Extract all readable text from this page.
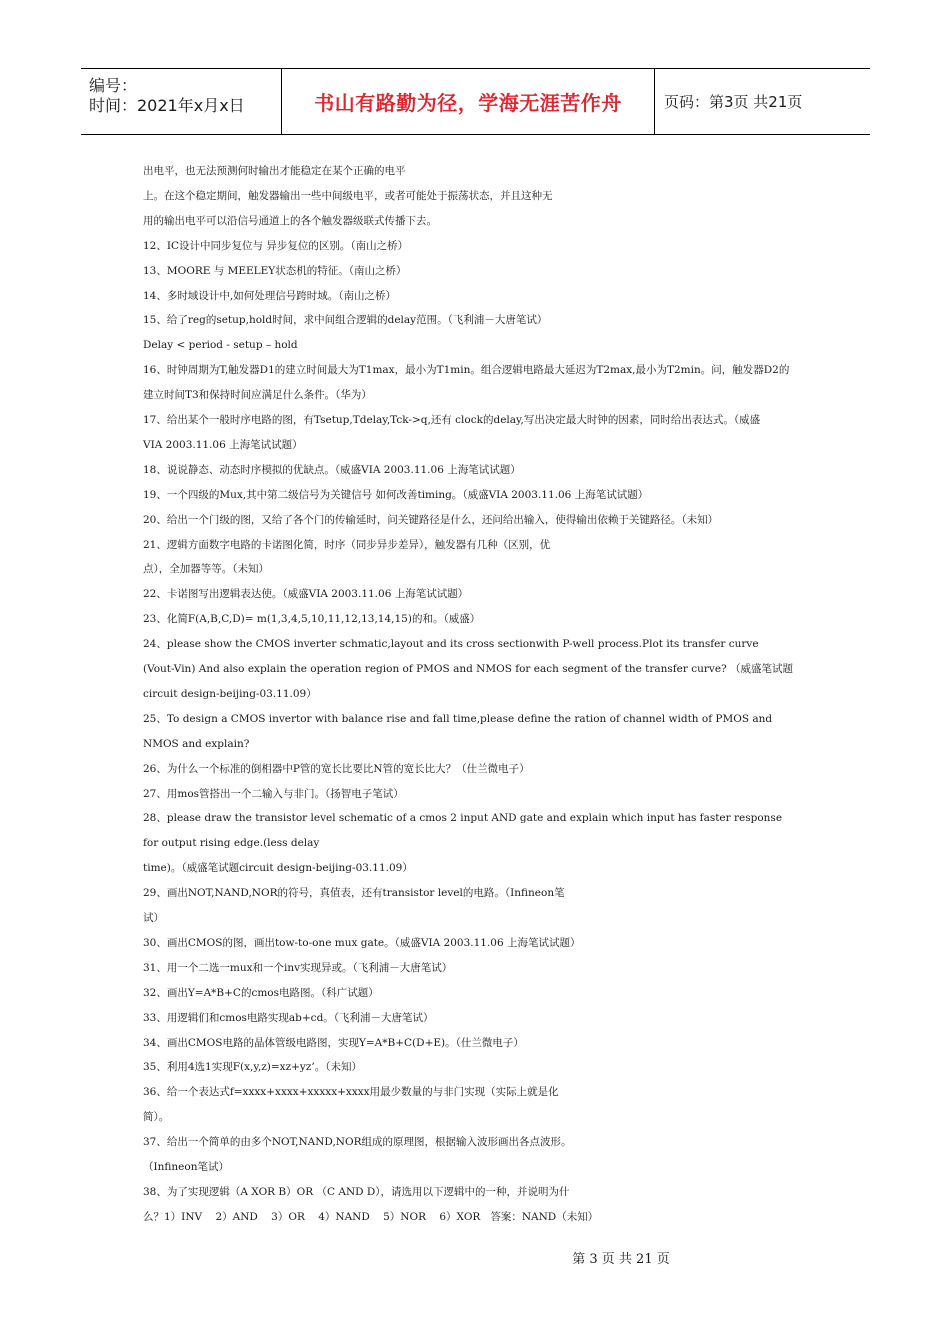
编号：
时间：2021年x月x日	书山有路勤为径，学海无涯苦作舟	页码：第3页 共21页
出电平，也无法预测何时输出才能稳定在某个正确的电平
上。在这个稳定期间，触发器输出一些中间级电平，或者可能处于振荡状态，并且这种无
用的输出电平可以沿信号通道上的各个触发器级联式传播下去。
12、IC设计中同步复位与 异步复位的区别。（南山之桥）
13、MOORE 与 MEELEY状态机的特征。（南山之桥）
14、多时域设计中,如何处理信号跨时域。（南山之桥）
15、给了reg的setup,hold时间，求中间组合逻辑的delay范围。（飞利浦－大唐笔试）
Delay < period - setup – hold
16、时钟周期为T,触发器D1的建立时间最大为T1max，最小为T1min。组合逻辑电路最大延迟为T2max,最小为T2min。问，触发器D2的
建立时间T3和保持时间应满足什么条件。（华为）
17、给出某个一般时序电路的图，有Tsetup,Tdelay,Tck->q,还有 clock的delay,写出决定最大时钟的因素，同时给出表达式。（威盛
VIA 2003.11.06 上海笔试试题）
18、说说静态、动态时序模拟的优缺点。（威盛VIA 2003.11.06 上海笔试试题）
19、一个四级的Mux,其中第二级信号为关键信号 如何改善timing。（威盛VIA 2003.11.06 上海笔试试题）
20、给出一个门级的图，又给了各个门的传输延时，问关键路径是什么，还问给出输入，使得输出依赖于关键路径。（未知）
21、逻辑方面数字电路的卡诺图化简，时序（同步异步差异），触发器有几种（区别，优
点），全加器等等。（未知）
22、卡诺图写出逻辑表达使。（威盛VIA 2003.11.06 上海笔试试题）
23、化简F(A,B,C,D)= m(1,3,4,5,10,11,12,13,14,15)的和。（威盛）
24、please show the CMOS inverter schmatic,layout and its cross sectionwith P-well process.Plot its transfer curve
(Vout-Vin) And also explain the operation region of PMOS and NMOS for each segment of the transfer curve? （威盛笔试题
circuit design-beijing-03.11.09）
25、To design a CMOS invertor with balance rise and fall time,please define the ration of channel width of PMOS and
NMOS and explain?
26、为什么一个标准的倒相器中P管的宽长比要比N管的宽长比大？（仕兰微电子）
27、用mos管搭出一个二输入与非门。（扬智电子笔试）
28、please draw the transistor level schematic of a cmos 2 input AND gate and explain which input has faster response
for output rising edge.(less delay
time)。（威盛笔试题circuit design-beijing-03.11.09）
29、画出NOT,NAND,NOR的符号，真值表，还有transistor level的电路。（Infineon笔
试）
30、画出CMOS的图，画出tow-to-one mux gate。（威盛VIA 2003.11.06 上海笔试试题）
31、用一个二选一mux和一个inv实现异或。（飞利浦－大唐笔试）
32、画出Y=A*B+C的cmos电路图。（科广试题）
33、用逻辑们和cmos电路实现ab+cd。（飞利浦－大唐笔试）
34、画出CMOS电路的晶体管级电路图，实现Y=A*B+C(D+E)。（仕兰微电子）
35、利用4选1实现F(x,y,z)=xz+yz’。（未知）
36、给一个表达式f=xxxx+xxxx+xxxxx+xxxx用最少数量的与非门实现（实际上就是化
简）。
37、给出一个简单的由多个NOT,NAND,NOR组成的原理图，根据输入波形画出各点波形。
（Infineon笔试）
38、为了实现逻辑（A XOR B）OR （C AND D），请选用以下逻辑中的一种，并说明为什
么？1）INV    2）AND    3）OR    4）NAND    5）NOR    6）XOR   答案：NAND（未知）
第 3 页 共 21 页
